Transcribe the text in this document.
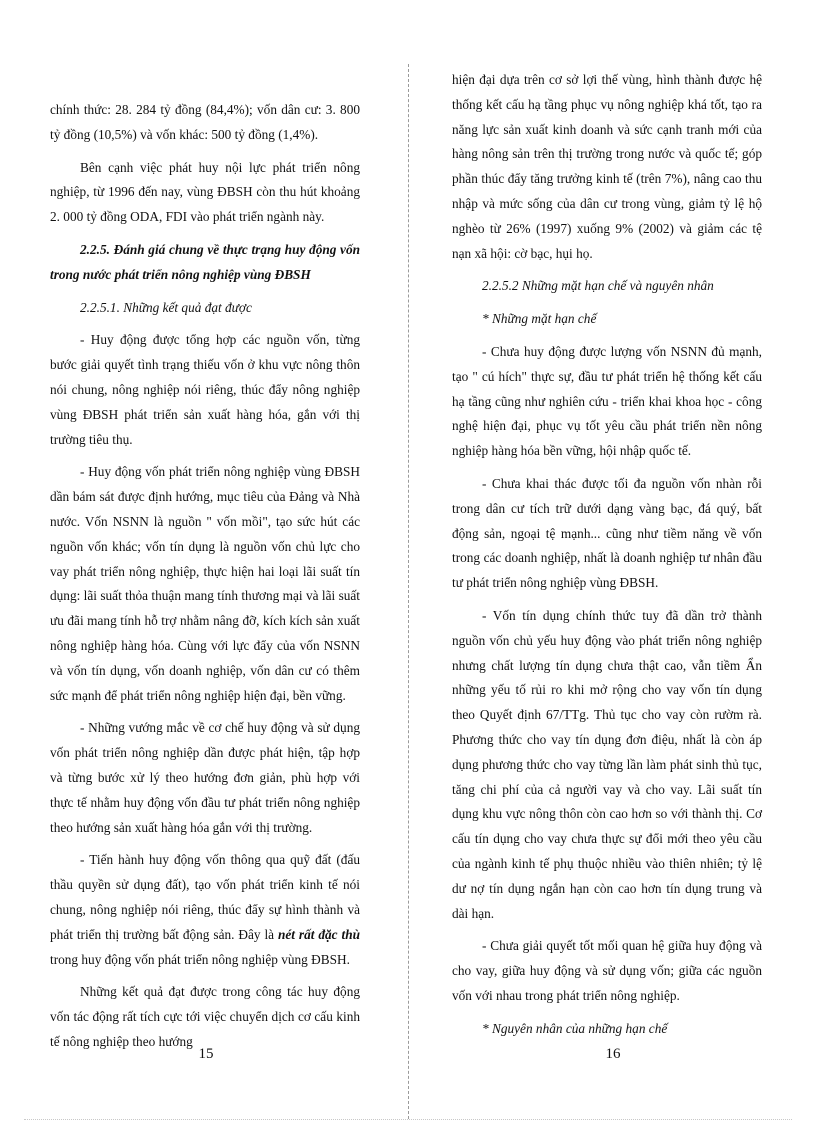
chính thức: 28. 284 tỷ đồng (84,4%); vốn dân cư: 3. 800 tỷ đồng (10,5%) và vốn khác: 500 tỷ đồng (1,4%).

Bên cạnh việc phát huy nội lực phát triển nông nghiệp, từ 1996 đến nay, vùng ĐBSH còn thu hút khoảng 2. 000 tỷ đồng ODA, FDI vào phát triển ngành này.

2.2.5. Đánh giá chung về thực trạng huy động vốn trong nước phát triển nông nghiệp vùng ĐBSH

2.2.5.1. Những kết quả đạt được

- Huy động được tổng hợp các nguồn vốn, từng bước giải quyết tình trạng thiếu vốn ở khu vực nông thôn nói chung, nông nghiệp nói riêng, thúc đẩy nông nghiệp vùng ĐBSH phát triển sản xuất hàng hóa, gắn với thị trường tiêu thụ.

- Huy động vốn phát triển nông nghiệp vùng ĐBSH dần bám sát được định hướng, mục tiêu của Đảng và Nhà nước. Vốn NSNN là nguồn " vốn mồi", tạo sức hút các nguồn vốn khác; vốn tín dụng là nguồn vốn chủ lực cho vay phát triển nông nghiệp, thực hiện hai loại lãi suất tín dụng: lãi suất thỏa thuận mang tính thương mại và lãi suất ưu đãi mang tính hỗ trợ nhằm nâng đỡ, kích kích sản xuất nông nghiệp hàng hóa. Cùng với lực đẩy của vốn NSNN và vốn tín dụng, vốn doanh nghiệp, vốn dân cư có thêm sức mạnh để phát triển nông nghiệp hiện đại, bền vững.

- Những vướng mắc về cơ chế huy động và sử dụng vốn phát triển nông nghiệp dần được phát hiện, tập hợp và từng bước xử lý theo hướng đơn giản, phù hợp với thực tế nhằm huy động vốn đầu tư phát triển nông nghiệp theo hướng sản xuất hàng hóa gắn với thị trường.

- Tiến hành huy động vốn thông qua quỹ đất (đấu thầu quyền sử dụng đất), tạo vốn phát triển kinh tế nói chung, nông nghiệp nói riêng, thúc đẩy sự hình thành và phát triển thị trường bất động sản. Đây là nét rất đặc thù trong huy động vốn phát triển nông nghiệp vùng ĐBSH.

Những kết quả đạt được trong công tác huy động vốn tác động rất tích cực tới việc chuyển dịch cơ cấu kinh tế nông nghiệp theo hướng

hiện đại dựa trên cơ sở lợi thế vùng, hình thành được hệ thống kết cấu hạ tầng phục vụ nông nghiệp khá tốt, tạo ra năng lực sản xuất kinh doanh và sức cạnh tranh mới của hàng nông sản trên thị trường trong nước và quốc tế; góp phần thúc đẩy tăng trưởng kinh tế (trên 7%), nâng cao thu nhập và mức sống của dân cư trong vùng, giảm tỷ lệ hộ nghèo từ 26% (1997) xuống 9% (2002) và giảm các tệ nạn xã hội: cờ bạc, hụi họ.

2.2.5.2 Những mặt hạn chế và nguyên nhân

* Những mặt hạn chế

- Chưa huy động được lượng vốn NSNN đủ mạnh, tạo " cú hích" thực sự, đầu tư phát triển hệ thống kết cấu hạ tầng cũng như nghiên cứu - triển khai khoa học - công nghệ hiện đại, phục vụ tốt yêu cầu phát triển nền nông nghiệp hàng hóa bền vững, hội nhập quốc tế.

- Chưa khai thác được tối đa nguồn vốn nhàn rỗi trong dân cư tích trữ dưới dạng vàng bạc, đá quý, bất động sản, ngoại tệ mạnh... cũng như tiềm năng về vốn trong các doanh nghiệp, nhất là doanh nghiệp tư nhân đầu tư phát triển nông nghiệp vùng ĐBSH.

- Vốn tín dụng chính thức tuy đã dần trở thành nguồn vốn chủ yếu huy động vào phát triển nông nghiệp nhưng chất lượng tín dụng chưa thật cao, vẫn tiềm Ẩn những yếu tố rủi ro khi mở rộng cho vay vốn tín dụng theo Quyết định 67/TTg. Thủ tục cho vay còn rườm rà. Phương thức cho vay tín dụng đơn điệu, nhất là còn áp dụng phương thức cho vay từng lần làm phát sinh thủ tục, tăng chi phí của cả người vay và cho vay. Lãi suất tín dụng khu vực nông thôn còn cao hơn so với thành thị. Cơ cấu tín dụng cho vay chưa thực sự đổi mới theo yêu cầu của ngành kinh tế phụ thuộc nhiều vào thiên nhiên; tỷ lệ dư nợ tín dụng ngắn hạn còn cao hơn tín dụng trung và dài hạn.

- Chưa giải quyết tốt mối quan hệ giữa huy động và cho vay, giữa huy động và sử dụng vốn; giữa các nguồn vốn với nhau trong phát triển nông nghiệp.

* Nguyên nhân của những hạn chế

15	16
